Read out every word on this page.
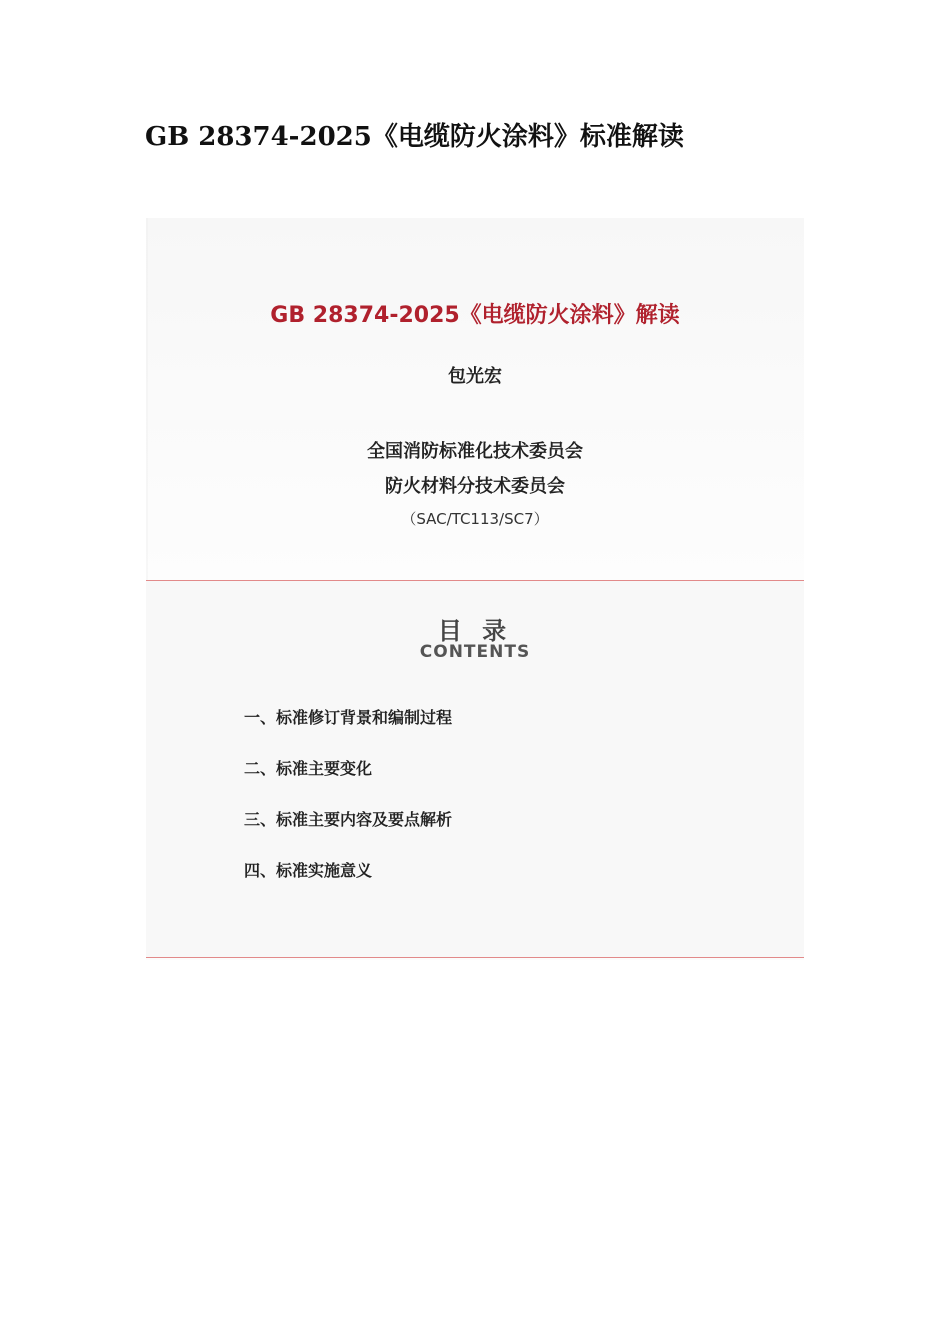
GB 28374-2025《电缆防火涂料》标准解读
GB 28374-2025《电缆防火涂料》解读
包光宏
全国消防标准化技术委员会
防火材料分技术委员会
（SAC/TC113/SC7）
目 录
CONTENTS
一、标准修订背景和编制过程
二、标准主要变化
三、标准主要内容及要点解析
四、标准实施意义
